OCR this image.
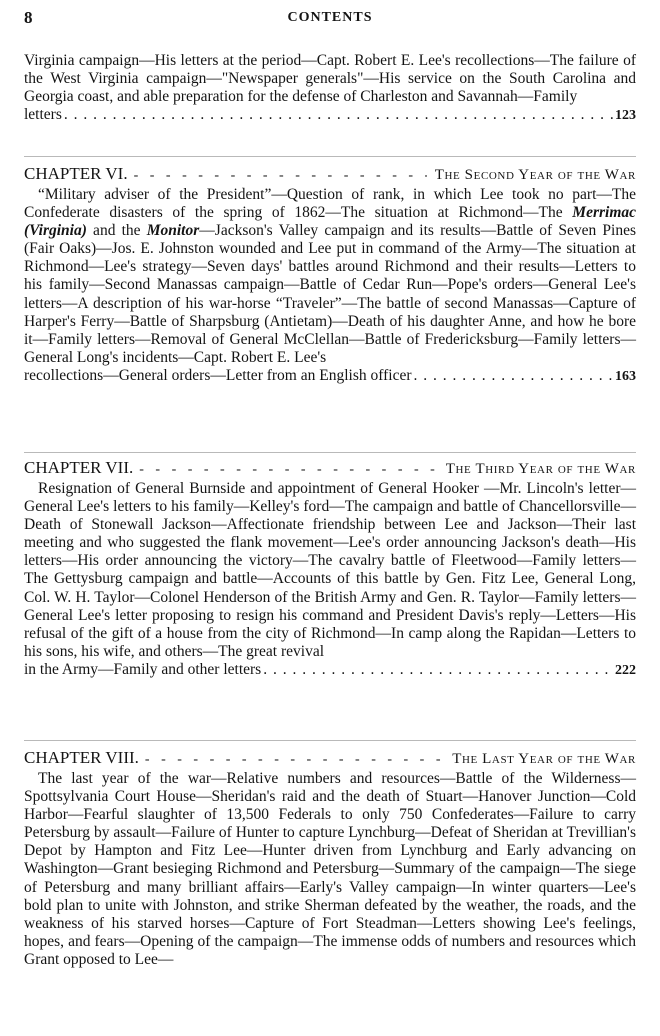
8	CONTENTS

Virginia campaign—His letters at the period—Capt. Robert E. Lee's recollections—The failure of the West Virginia campaign—"Newspaper generals"—His service on the South Carolina and Georgia coast, and able preparation for the defense of Charleston and Savannah—Family

letters . . .	123
CHAPTER VI. - - -	The Second Year of the War

“Military adviser of the President”—Question of rank, in which Lee took no part—The Confederate disasters of the spring of 1862—The situation at Richmond—The Merrimac (Virginia) and the Monitor—Jackson's Valley campaign and its results—Battle of Seven Pines (Fair Oaks)—Jos. E. Johnston wounded and Lee put in command of the Army—The situation at Richmond—Lee's strategy—Seven days' battles around Richmond and their results—Letters to his family—Second Manassas campaign—Battle of Cedar Run—Pope's orders—General Lee's letters—A description of his war-horse “Traveler”—The battle of second Manassas—Capture of Harper's Ferry—Battle of Sharpsburg (Antietam)—Death of his daughter Anne, and how he bore it—Family letters—Removal of General McClellan—Battle of Fredericksburg—Family letters—General Long's incidents—Capt. Robert E. Lee's

recollections—General orders—Letter from an English officer . . .	163
CHAPTER VII. - - -	The Third Year of the War

Resignation of General Burnside and appointment of General Hooker —Mr. Lincoln's letter—General Lee's letters to his family—Kelley's ford—The campaign and battle of Chancellorsville—Death of Stonewall Jackson—Affectionate friendship between Lee and Jackson—Their last meeting and who suggested the flank movement—Lee's order announcing Jackson's death—His letters—His order announcing the victory—The cavalry battle of Fleetwood—Family letters—The Gettysburg campaign and battle—Accounts of this battle by Gen. Fitz Lee, General Long, Col. W. H. Taylor—Colonel Henderson of the British Army and Gen. R. Taylor—Family letters—General Lee's letter proposing to resign his command and President Davis's reply—Letters—His refusal of the gift of a house from the city of Richmond—In camp along the Rapidan—Letters to his sons, his wife, and others—The great revival

in the Army—Family and other letters . . .	222
CHAPTER VIII. - - -	The Last Year of the War

The last year of the war—Relative numbers and resources—Battle of the Wilderness—Spottsylvania Court House—Sheridan's raid and the death of Stuart—Hanover Junction—Cold Harbor—Fearful slaughter of 13,500 Federals to only 750 Confederates—Failure to carry Petersburg by assault—Failure of Hunter to capture Lynchburg—Defeat of Sheridan at Trevillian's Depot by Hampton and Fitz Lee—Hunter driven from Lynchburg and Early advancing on Washington—Grant besieging Richmond and Petersburg—Summary of the campaign—The siege of Petersburg and many brilliant affairs—Early's Valley campaign—In winter quarters—Lee's bold plan to unite with Johnston, and strike Sherman defeated by the weather, the roads, and the weakness of his starved horses—Capture of Fort Steadman—Letters showing Lee's feelings, hopes, and fears—Opening of the campaign—The immense odds of numbers and resources which Grant opposed to Lee—
